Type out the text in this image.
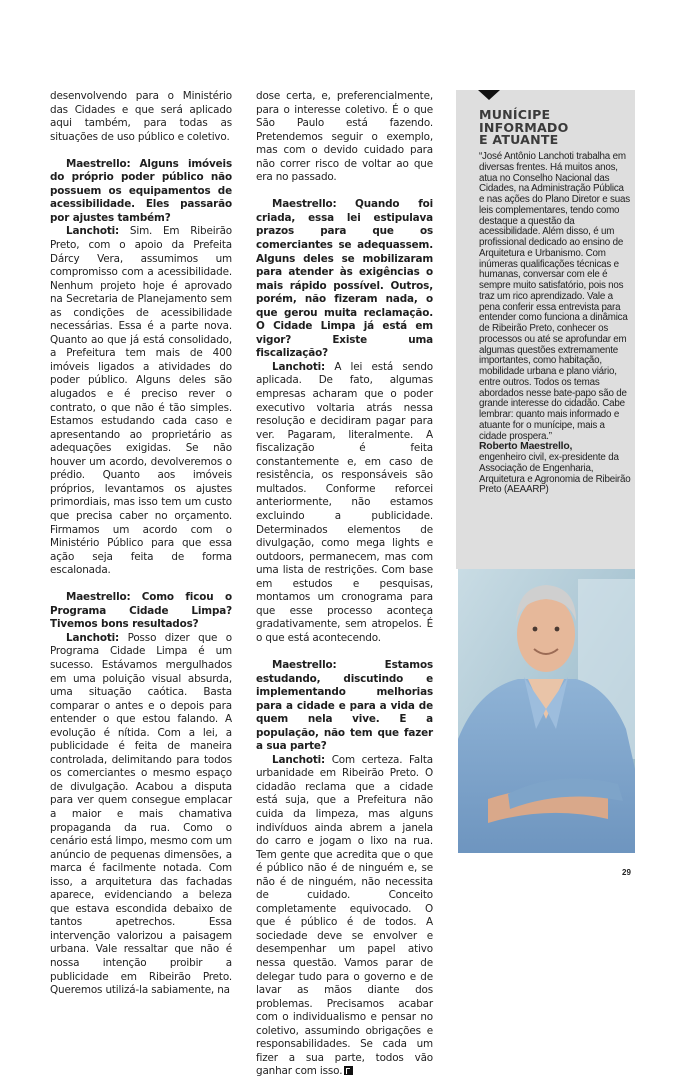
desenvolvendo para o Ministério das Cidades e que será aplicado aqui também, para todas as situações de uso público e coletivo.

Maestrello: Alguns imóveis do próprio poder público não possuem os equipamentos de acessibilidade. Eles passarão por ajustes também?

Lanchoti: Sim. Em Ribeirão Preto, com o apoio da Prefeita Dárcy Vera, assumimos um compromisso com a acessibilidade. Nenhum projeto hoje é aprovado na Secretaria de Planejamento sem as condições de acessibilidade necessárias. Essa é a parte nova. Quanto ao que já está consolidado, a Prefeitura tem mais de 400 imóveis ligados a atividades do poder público. Alguns deles são alugados e é preciso rever o contrato, o que não é tão simples. Estamos estudando cada caso e apresentando ao proprietário as adequações exigidas. Se não houver um acordo, devolveremos o prédio. Quanto aos imóveis próprios, levantamos os ajustes primordiais, mas isso tem um custo que precisa caber no orçamento. Firmamos um acordo com o Ministério Público para que essa ação seja feita de forma escalonada.

Maestrello: Como ficou o Programa Cidade Limpa? Tivemos bons resultados?

Lanchoti: Posso dizer que o Programa Cidade Limpa é um sucesso. Estávamos mergulhados em uma poluição visual absurda, uma situação caótica. Basta comparar o antes e o depois para entender o que estou falando. A evolução é nítida. Com a lei, a publicidade é feita de maneira controlada, delimitando para todos os comerciantes o mesmo espaço de divulgação. Acabou a disputa para ver quem consegue emplacar a maior e mais chamativa propaganda da rua. Como o cenário está limpo, mesmo com um anúncio de pequenas dimensões, a marca é facilmente notada. Com isso, a arquitetura das fachadas aparece, evidenciando a beleza que estava escondida debaixo de tantos apetrechos. Essa intervenção valorizou a paisagem urbana. Vale ressaltar que não é nossa intenção proibir a publicidade em Ribeirão Preto. Queremos utilizá-la sabiamente, na

dose certa, e, preferencialmente, para o interesse coletivo. É o que São Paulo está fazendo. Pretendemos seguir o exemplo, mas com o devido cuidado para não correr risco de voltar ao que era no passado.

Maestrello: Quando foi criada, essa lei estipulava prazos para que os comerciantes se adequassem. Alguns deles se mobilizaram para atender às exigências o mais rápido possível. Outros, porém, não fizeram nada, o que gerou muita reclamação. O Cidade Limpa já está em vigor? Existe uma fiscalização?

Lanchoti: A lei está sendo aplicada. De fato, algumas empresas acharam que o poder executivo voltaria atrás nessa resolução e decidiram pagar para ver. Pagaram, literalmente. A fiscalização é feita constantemente e, em caso de resistência, os responsáveis são multados. Conforme reforcei anteriormente, não estamos excluindo a publicidade. Determinados elementos de divulgação, como mega lights e outdoors, permanecem, mas com uma lista de restrições. Com base em estudos e pesquisas, montamos um cronograma para que esse processo aconteça gradativamente, sem atropelos. É o que está acontecendo.

Maestrello:	Estamos estudando, discutindo e implementando melhorias para a cidade e para a vida de quem nela vive. E a população, não tem que fazer a sua parte?

Lanchoti: Com certeza. Falta urbanidade em Ribeirão Preto. O cidadão reclama que a cidade está suja, que a Prefeitura não cuida da limpeza, mas alguns indivíduos ainda abrem a janela do carro e jogam o lixo na rua. Tem gente que acredita que o que é público não é de ninguém e, se não é de ninguém, não necessita de cuidado. Conceito completamente equivocado. O que é público é de todos. A sociedade deve se envolver e desempenhar um papel ativo nessa questão. Vamos parar de delegar tudo para o governo e de lavar as mãos diante dos problemas. Precisamos acabar com o individualismo e pensar no coletivo, assumindo obrigações e responsabilidades. Se cada um fizer a sua parte, todos vão ganhar com isso.

MUNÍCIPE
INFORMADO
E ATUANTE
“José Antônio Lanchoti trabalha em diversas frentes. Há muitos anos, atua no Conselho Nacional das Cidades, na Administração Pública e nas ações do Plano Diretor e suas leis complementares, tendo como destaque a questão da acessibilidade. Além disso, é um profissional dedicado ao ensino de Arquitetura e Urbanismo. Com inúmeras qualificações técnicas e humanas, conversar com ele é sempre muito satisfatório, pois nos traz um rico aprendizado. Vale a pena conferir essa entrevista para entender como funciona a dinâmica de Ribeirão Preto, conhecer os processos ou até se aprofundar em algumas questões extremamente importantes, como habitação, mobilidade urbana e plano viário, entre outros. Todos os temas abordados nesse bate-papo são de grande interesse do cidadão. Cabe lembrar: quanto mais informado e atuante for o munícipe, mais a cidade prospera.”
Roberto Maestrello,
engenheiro civil, ex-presidente da Associação de Engenharia, Arquitetura e Agronomia de Ribeirão Preto (AEAARP)
29
